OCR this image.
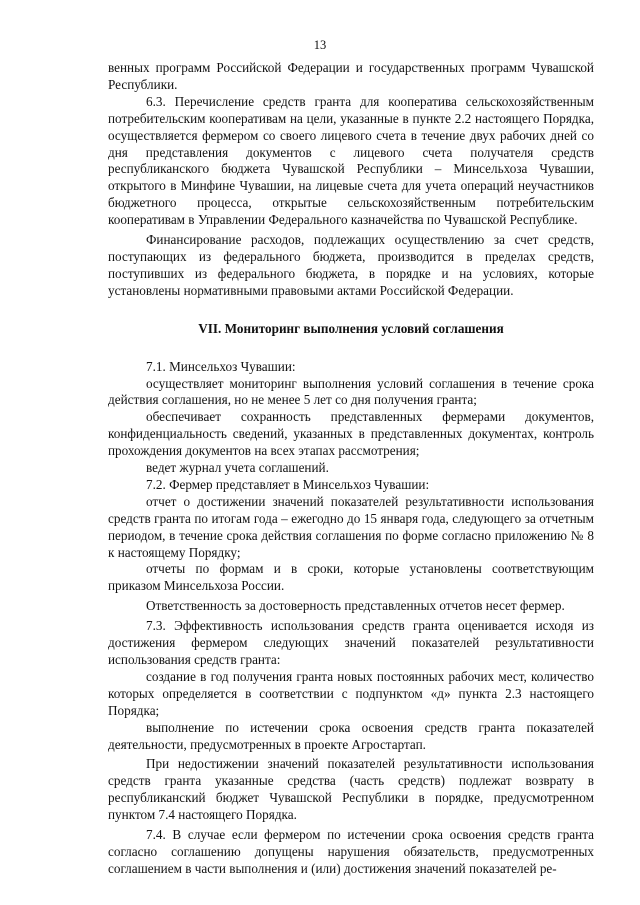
13

венных программ Российской Федерации и государственных программ Чувашской Республики.

6.3. Перечисление средств гранта для кооператива сельскохозяйственным потребительским кооперативам на цели, указанные в пункте 2.2 настоящего Порядка, осуществляется фермером со своего лицевого счета в течение двух рабочих дней со дня представления документов с лицевого счета получателя средств республиканского бюджета Чувашской Республики – Минсельхоза Чувашии, открытого в Минфине Чувашии, на лицевые счета для учета операций неучастников бюджетного процесса, открытые сельскохозяйственным потребительским кооперативам в Управлении Федерального казначейства по Чувашской Республике.

Финансирование расходов, подлежащих осуществлению за счет средств, поступающих из федерального бюджета, производится в пределах средств, поступивших из федерального бюджета, в порядке и на условиях, которые установлены нормативными правовыми актами Российской Федерации.

VII. Мониторинг выполнения условий соглашения

7.1. Минсельхоз Чувашии:

осуществляет мониторинг выполнения условий соглашения в течение срока действия соглашения, но не менее 5 лет со дня получения гранта;

обеспечивает сохранность представленных фермерами документов, конфиденциальность сведений, указанных в представленных документах, контроль прохождения документов на всех этапах рассмотрения;

ведет журнал учета соглашений.

7.2. Фермер представляет в Минсельхоз Чувашии:

отчет о достижении значений показателей результативности использования средств гранта по итогам года – ежегодно до 15 января года, следующего за отчетным периодом, в течение срока действия соглашения по форме согласно приложению № 8 к настоящему Порядку;

отчеты по формам и в сроки, которые установлены соответствующим приказом Минсельхоза России.

Ответственность за достоверность представленных отчетов несет фермер.

7.3. Эффективность использования средств гранта оценивается исходя из достижения фермером следующих значений показателей результативности использования средств гранта:

создание в год получения гранта новых постоянных рабочих мест, количество которых определяется в соответствии с подпунктом «д» пункта 2.3 настоящего Порядка;

выполнение по истечении срока освоения средств гранта показателей деятельности, предусмотренных в проекте Агростартап.

При недостижении значений показателей результативности использования средств гранта указанные средства (часть средств) подлежат возврату в республиканский бюджет Чувашской Республики в порядке, предусмотренном пунктом 7.4 настоящего Порядка.

7.4. В случае если фермером по истечении срока освоения средств гранта согласно соглашению допущены нарушения обязательств, предусмотренных соглашением в части выполнения и (или) достижения значений показателей ре-
